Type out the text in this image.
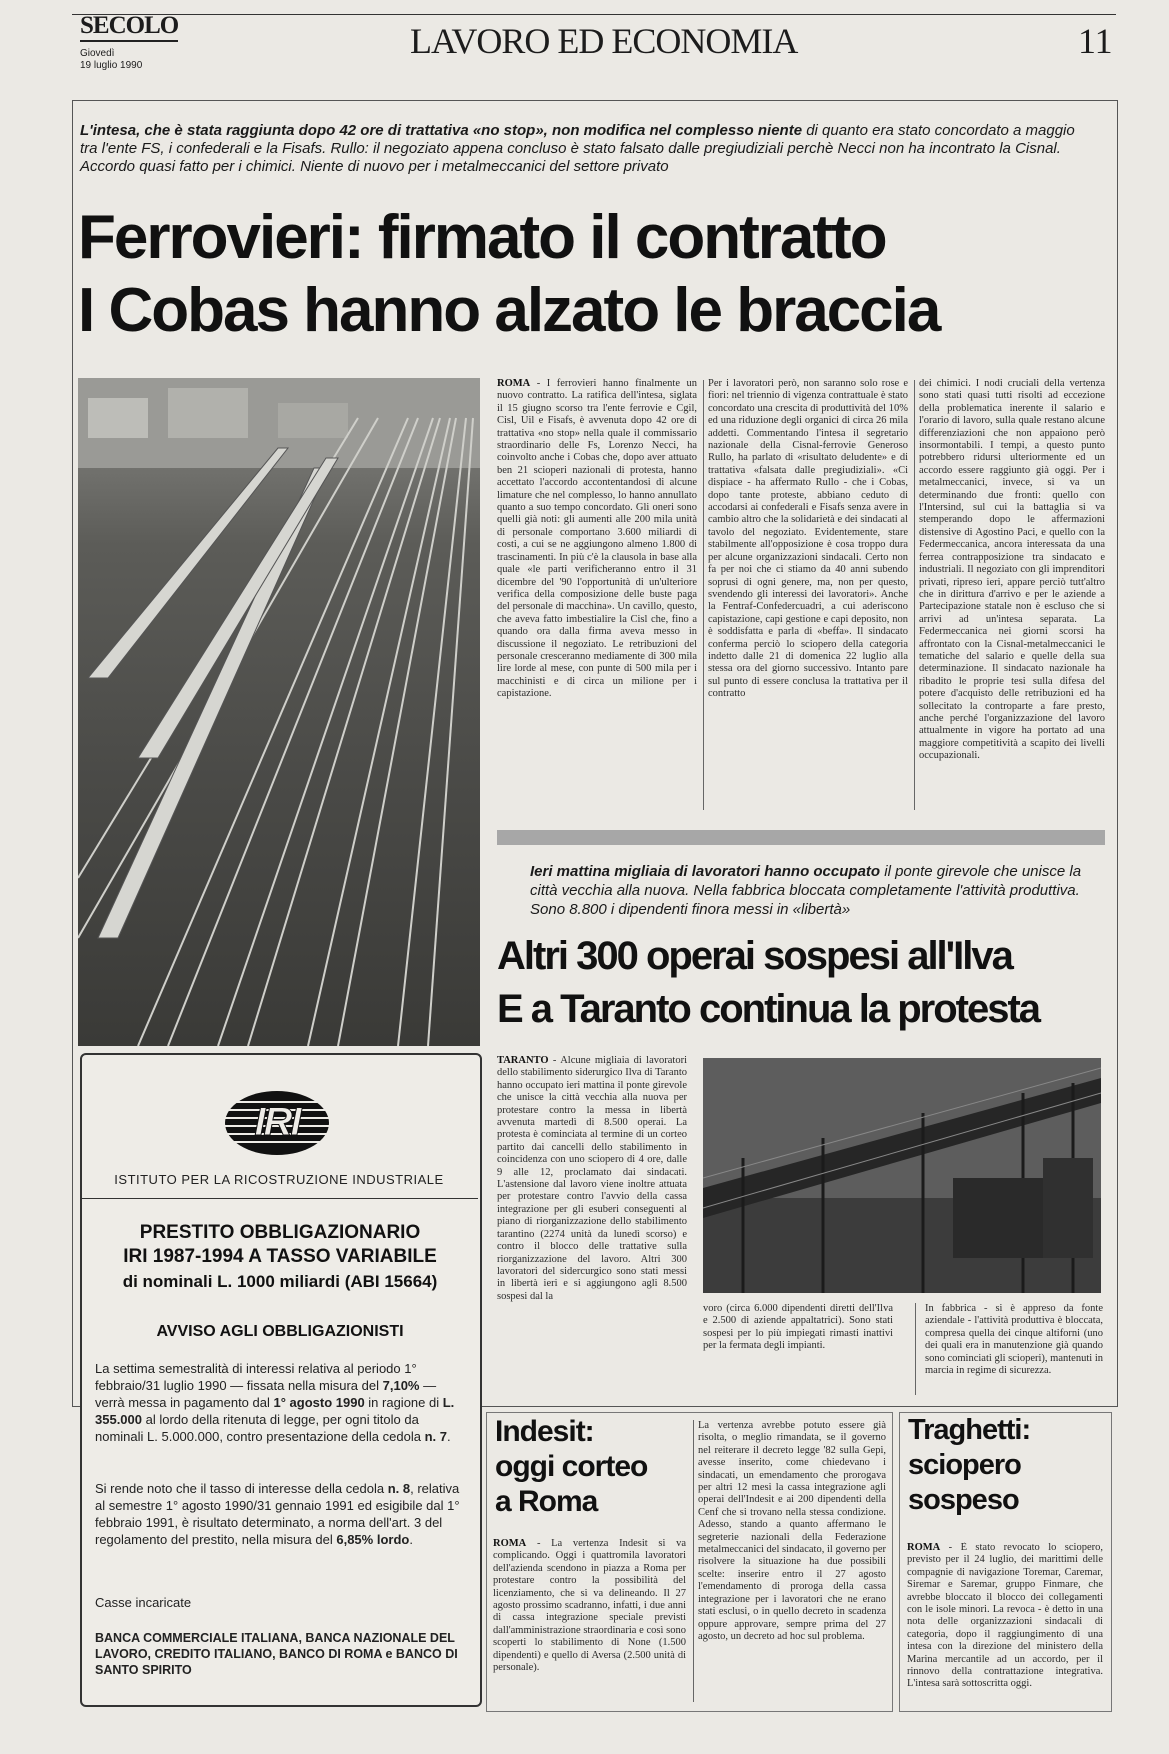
SECOLO
Giovedì
19 luglio 1990
LAVORO ED ECONOMIA	11
L'intesa, che è stata raggiunta dopo 42 ore di trattativa «no stop», non modifica nel complesso niente di quanto era stato concordato a maggio tra l'ente FS, i confederali e la Fisafs. Rullo: il negoziato appena concluso è stato falsato dalle pregiudiziali perchè Necci non ha incontrato la Cisnal. Accordo quasi fatto per i chimici. Niente di nuovo per i metalmeccanici del settore privato
Ferrovieri: firmato il contratto
I Cobas hanno alzato le braccia
ROMA - I ferrovieri hanno finalmente un nuovo contratto. La ratifica dell'intesa, siglata il 15 giugno scorso tra l'ente ferrovie e Cgil, Cisl, Uil e Fisafs, è avvenuta dopo 42 ore di trattativa «no stop» nella quale il commissario straordinario delle Fs, Lorenzo Necci, ha coinvolto anche i Cobas che, dopo aver attuato ben 21 scioperi nazionali di protesta, hanno accettato l'accordo accontentandosi di alcune limature che nel complesso, lo hanno annullato quanto a suo tempo concordato. Gli oneri sono quelli già noti: gli aumenti alle 200 mila unità di personale comportano 3.600 miliardi di costi, a cui se ne aggiungono almeno 1.800 di trascinamenti. In più c'è la clausola in base alla quale «le parti verificheranno entro il 31 dicembre del '90 l'opportunità di un'ulteriore verifica della composizione delle buste paga del personale di macchina». Un cavillo, questo, che aveva fatto imbestialire la Cisl che, fino a quando ora dalla firma aveva messo in discussione il negoziato. Le retribuzioni del personale cresceranno mediamente di 300 mila lire lorde al mese, con punte di 500 mila per i macchinisti e di circa un milione per i capistazione.
Per i lavoratori però, non saranno solo rose e fiori: nel triennio di vigenza contrattuale è stato concordato una crescita di produttività del 10% ed una riduzione degli organici di circa 26 mila addetti. Commentando l'intesa il segretario nazionale della Cisnal-ferrovie Generoso Rullo, ha parlato di «risultato deludente» e di trattativa «falsata dalle pregiudiziali». «Ci dispiace - ha affermato Rullo - che i Cobas, dopo tante proteste, abbiano ceduto di accodarsi ai confederali e Fisafs senza avere in cambio altro che la solidarietà e dei sindacati al tavolo del negoziato. Evidentemente, stare stabilmente all'opposizione è cosa troppo dura per alcune organizzazioni sindacali. Certo non fa per noi che ci stiamo da 40 anni subendo soprusi di ogni genere, ma, non per questo, svendendo gli interessi dei lavoratori». Anche la Fentraf-Confedercuadri, a cui aderiscono capistazione, capi gestione e capi deposito, non è soddisfatta e parla di «beffa». Il sindacato conferma perciò lo sciopero della categoria indetto dalle 21 di domenica 22 luglio alla stessa ora del giorno successivo. Intanto pare sul punto di essere conclusa la trattativa per il contratto
dei chimici. I nodi cruciali della vertenza sono stati quasi tutti risolti ad eccezione della problematica inerente il salario e l'orario di lavoro, sulla quale restano alcune differenziazioni che non appaiono però insormontabili. I tempi, a questo punto potrebbero ridursi ulteriormente ed un accordo essere raggiunto già oggi. Per i metalmeccanici, invece, si va un determinando due fronti: quello con l'Intersind, sul cui la battaglia si va stemperando dopo le affermazioni distensive di Agostino Paci, e quello con la Federmeccanica, ancora interessata da una ferrea contrapposizione tra sindacato e industriali. Il negoziato con gli imprenditori privati, ripreso ieri, appare perciò tutt'altro che in dirittura d'arrivo e per le aziende a Partecipazione statale non è escluso che si arrivi ad un'intesa separata. La Federmeccanica nei giorni scorsi ha affrontato con la Cisnal-metalmeccanici le tematiche del salario e quelle della sua determinazione. Il sindacato nazionale ha ribadito le proprie tesi sulla difesa del potere d'acquisto delle retribuzioni ed ha sollecitato la controparte a fare presto, anche perché l'organizzazione del lavoro attualmente in vigore ha portato ad una maggiore competitività a scapito dei livelli occupazionali.
Ieri mattina migliaia di lavoratori hanno occupato il ponte girevole che unisce la città vecchia alla nuova. Nella fabbrica bloccata completamente l'attività produttiva. Sono 8.800 i dipendenti finora messi in «libertà»
Altri 300 operai sospesi all'Ilva
E a Taranto continua la protesta
TARANTO - Alcune migliaia di lavoratori dello stabilimento siderurgico Ilva di Taranto hanno occupato ieri mattina il ponte girevole che unisce la città vecchia alla nuova per protestare contro la messa in libertà avvenuta martedì di 8.500 operai. La protesta è cominciata al termine di un corteo partito dai cancelli dello stabilimento in coincidenza con uno sciopero di 4 ore, dalle 9 alle 12, proclamato dai sindacati. L'astensione dal lavoro viene inoltre attuata per protestare contro l'avvio della cassa integrazione per gli esuberi conseguenti al piano di riorganizzazione dello stabilimento tarantino (2274 unità da lunedì scorso) e contro il blocco delle trattative sulla riorganizzazione del lavoro. Altri 300 lavoratori del sidercurgico sono stati messi in libertà ieri e si aggiungono agli 8.500 sospesi dal la
voro (circa 6.000 dipendenti diretti dell'Ilva e 2.500 di aziende appaltatrici). Sono stati sospesi per lo più impiegati rimasti inattivi per la fermata degli impianti.
In fabbrica - si è appreso da fonte aziendale - l'attività produttiva è bloccata, compresa quella dei cinque altiforni (uno dei quali era in manutenzione già quando sono cominciati gli scioperi), mantenuti in marcia in regime di sicurezza.
IRI
ISTITUTO PER LA RICOSTRUZIONE INDUSTRIALE
PRESTITO OBBLIGAZIONARIO
IRI 1987-1994 A TASSO VARIABILE
di nominali L. 1000 miliardi (ABI 15664)
AVVISO AGLI OBBLIGAZIONISTI
La settima semestralità di interessi relativa al periodo 1° febbraio/31 luglio 1990 — fissata nella misura del 7,10% — verrà messa in pagamento dal 1° agosto 1990 in ragione di L. 355.000 al lordo della ritenuta di legge, per ogni titolo da nominali L. 5.000.000, contro presentazione della cedola n. 7.
Si rende noto che il tasso di interesse della cedola n. 8, relativa al semestre 1° agosto 1990/31 gennaio 1991 ed esigibile dal 1° febbraio 1991, è risultato determinato, a norma dell'art. 3 del regolamento del prestito, nella misura del 6,85% lordo.
Casse incaricate
BANCA COMMERCIALE ITALIANA, BANCA NAZIONALE DEL LAVORO, CREDITO ITALIANO, BANCO DI ROMA e BANCO DI SANTO SPIRITO
Indesit:
oggi corteo
a Roma
ROMA - La vertenza Indesit si va complicando. Oggi i quattromila lavoratori dell'azienda scendono in piazza a Roma per protestare contro la possibilità del licenziamento, che si va delineando. Il 27 agosto prossimo scadranno, infatti, i due anni di cassa integrazione speciale previsti dall'amministrazione straordinaria e così sono scoperti lo stabilimento di None (1.500 dipendenti) e quello di Aversa (2.500 unità di personale).
La vertenza avrebbe potuto essere già risolta, o meglio rimandata, se il governo nel reiterare il decreto legge '82 sulla Gepi, avesse inserito, come chiedevano i sindacati, un emendamento che prorogava per altri 12 mesi la cassa integrazione agli operai dell'Indesit e ai 200 dipendenti della Cenf che si trovano nella stessa condizione. Adesso, stando a quanto affermano le segreterie nazionali della Federazione metalmeccanici del sindacato, il governo per risolvere la situazione ha due possibili scelte: inserire entro il 27 agosto l'emendamento di proroga della cassa integrazione per i lavoratori che ne erano stati esclusi, o in quello decreto in scadenza oppure approvare, sempre prima del 27 agosto, un decreto ad hoc sul problema.
Traghetti:
sciopero
sospeso
ROMA - È stato revocato lo sciopero, previsto per il 24 luglio, dei marittimi delle compagnie di navigazione Toremar, Caremar, Siremar e Saremar, gruppo Finmare, che avrebbe bloccato il blocco dei collegamenti con le isole minori. La revoca - è detto in una nota delle organizzazioni sindacali di categoria, dopo il raggiungimento di una intesa con la direzione del ministero della Marina mercantile ad un accordo, per il rinnovo della contrattazione integrativa. L'intesa sarà sottoscritta oggi.
